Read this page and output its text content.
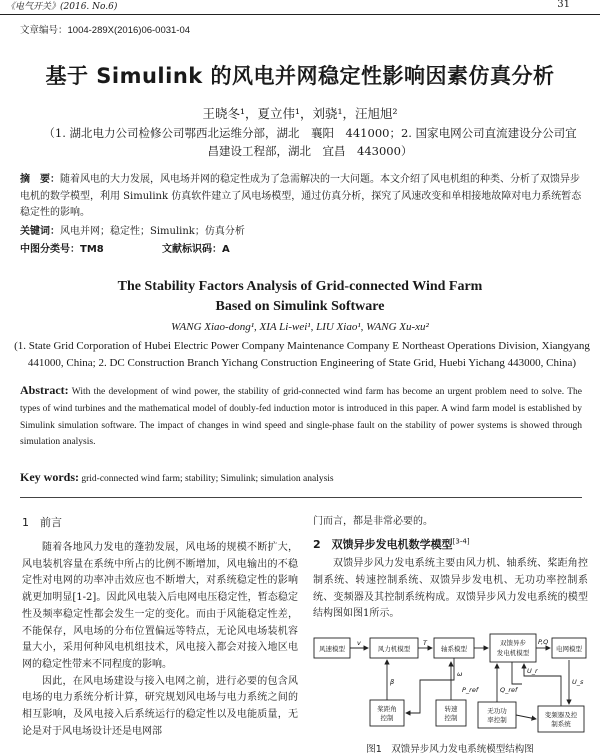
《电气开关》(2016. No.6)	31
文章编号：1004-289X(2016)06-0031-04
基于 Simulink 的风电并网稳定性影响因素仿真分析
王晓冬¹，夏立伟¹，刘骁¹，汪旭旭²
（1. 湖北电力公司检修公司鄂西北运维分部，湖北　襄阳　441000；2. 国家电网公司直流建设分公司宜昌建设工程部，湖北　宜昌　443000）
摘　要：随着风电的大力发展，风电场并网的稳定性成为了急需解决的一大问题。本文介绍了风电机组的种类、分析了双馈异步电机的数学模型，利用 Simulink 仿真软件建立了风电场模型，通过仿真分析，探究了风速改变和单相接地故障对电力系统暂态稳定性的影响。
关键词：风电并网；稳定性；Simulink；仿真分析
中图分类号：TM8	文献标识码：A
The Stability Factors Analysis of Grid-connected Wind Farm
Based on Simulink Software
WANG Xiao-dong¹, XIA Li-wei¹, LIU Xiao¹, WANG Xu-xu²
(1. State Grid Corporation of Hubei Electric Power Company Maintenance Company E Northeast Operations Division, Xiangyang 441000, China; 2. DC Construction Branch Yichang Construction Engineering of State Grid, Huebi Yichang 443000, China)
Abstract: With the development of wind power, the stability of grid-connected wind farm has become an urgent problem need to solve. The types of wind turbines and the mathematical model of doubly-fed induction motor is introduced in this paper. A wind farm model is established by Simulink simulation software. The impact of changes in wind speed and single-phase fault on the stability of power systems is showed through simulation analysis.
Key words: grid-connected wind farm; stability; Simulink; simulation analysis
1　前言

随着各地风力发电的蓬勃发展，风电场的规模不断扩大，风电装机容量在系统中所占的比例不断增加，风电输出的不稳定性对电网的功率冲击效应也不断增大，对系统稳定性的影响就更加明显[1-2]。因此风电装入后电网电压稳定性，暂态稳定性及频率稳定性都会发生一定的变化。而由于风能稳定性差，不能保存，风电场的分布位置偏远等特点，无论风电场装机容量大小，采用何种风电机组技术，风电接入都会对接入地区电网的稳定性带来不同程度的影响。

因此，在风电场建设与接入电网之前，进行必要的包含风电场的电力系统分析计算，研究规划风电场与电力系统之间的相互影响，及风电接入后系统运行的稳定性以及电能质量，无论是对于风电场设计还是电网部

门而言，都是非常必要的。
2　双馈异步发电机数学模型[3-4]

双馈异步风力发电系统主要由风力机、轴系统、桨距角控制系统、转速控制系统、双馈异步发电机、无功功率控制系统、变频器及其控制系统构成。双馈异步风力发电系统的模型结构图如图1所示。

风速模型	风力机模型	轴系模型
双馈异步
发电机模型	电网模型
桨距角
控制
转速
控制
无功功
率控制
变频器及控
制系统
v	T	P,Q
β
ω
P_ref	Q_ref
U_r
U_s
图1　双馈异步风力发电系统模型结构图
